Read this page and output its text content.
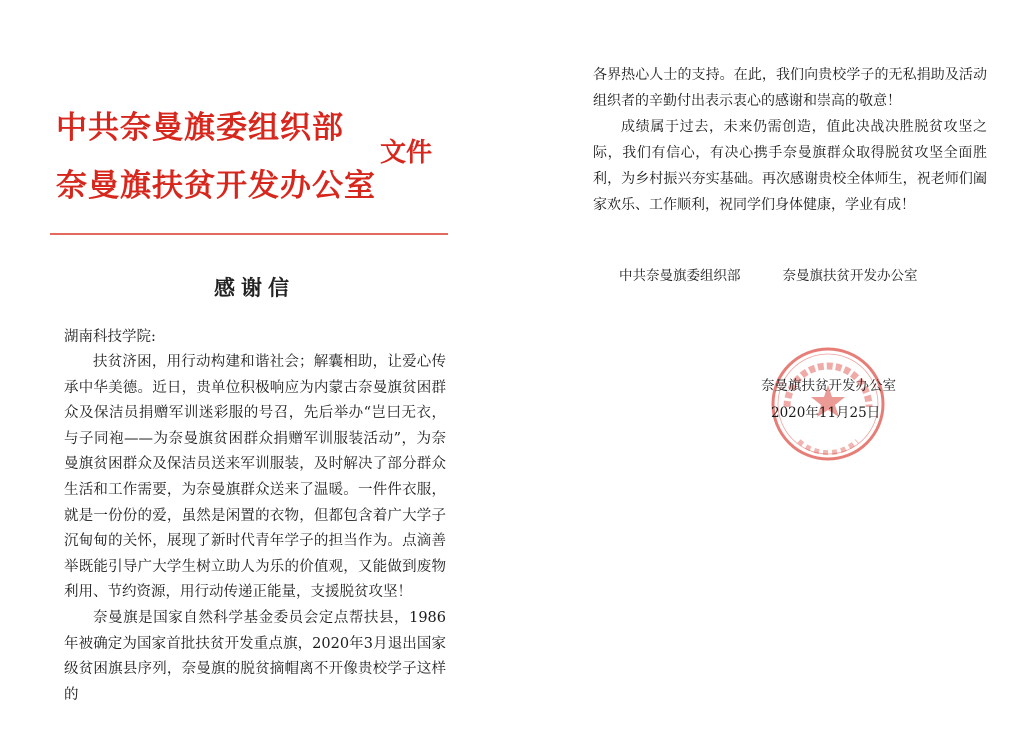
中共奈曼旗委组织部
奈曼旗扶贫开发办公室
文件
感谢信
湖南科技学院:

扶贫济困，用行动构建和谐社会；解囊相助，让爱心传承中华美德。近日，贵单位积极响应为内蒙古奈曼旗贫困群众及保洁员捐赠军训迷彩服的号召，先后举办“岂曰无衣，与子同袍——为奈曼旗贫困群众捐赠军训服装活动”，为奈曼旗贫困群众及保洁员送来军训服装，及时解决了部分群众生活和工作需要，为奈曼旗群众送来了温暖。一件件衣服，就是一份份的爱，虽然是闲置的衣物，但都包含着广大学子沉甸甸的关怀，展现了新时代青年学子的担当作为。点滴善举既能引导广大学生树立助人为乐的价值观，又能做到废物利用、节约资源，用行动传递正能量，支援脱贫攻坚！

奈曼旗是国家自然科学基金委员会定点帮扶县，1986年被确定为国家首批扶贫开发重点旗，2020年3月退出国家级贫困旗县序列，奈曼旗的脱贫摘帽离不开像贵校学子这样的

各界热心人士的支持。在此，我们向贵校学子的无私捐助及活动组织者的辛勤付出表示衷心的感谢和崇高的敬意！

成绩属于过去，未来仍需创造，值此决战决胜脱贫攻坚之际，我们有信心，有决心携手奈曼旗群众取得脱贫攻坚全面胜利，为乡村振兴夯实基础。再次感谢贵校全体师生，祝老师们阖家欢乐、工作顺利，祝同学们身体健康，学业有成！

中共奈曼旗委组织部	奈曼旗扶贫开发办公室
奈曼旗扶贫开发办公室
2020年11月25日
